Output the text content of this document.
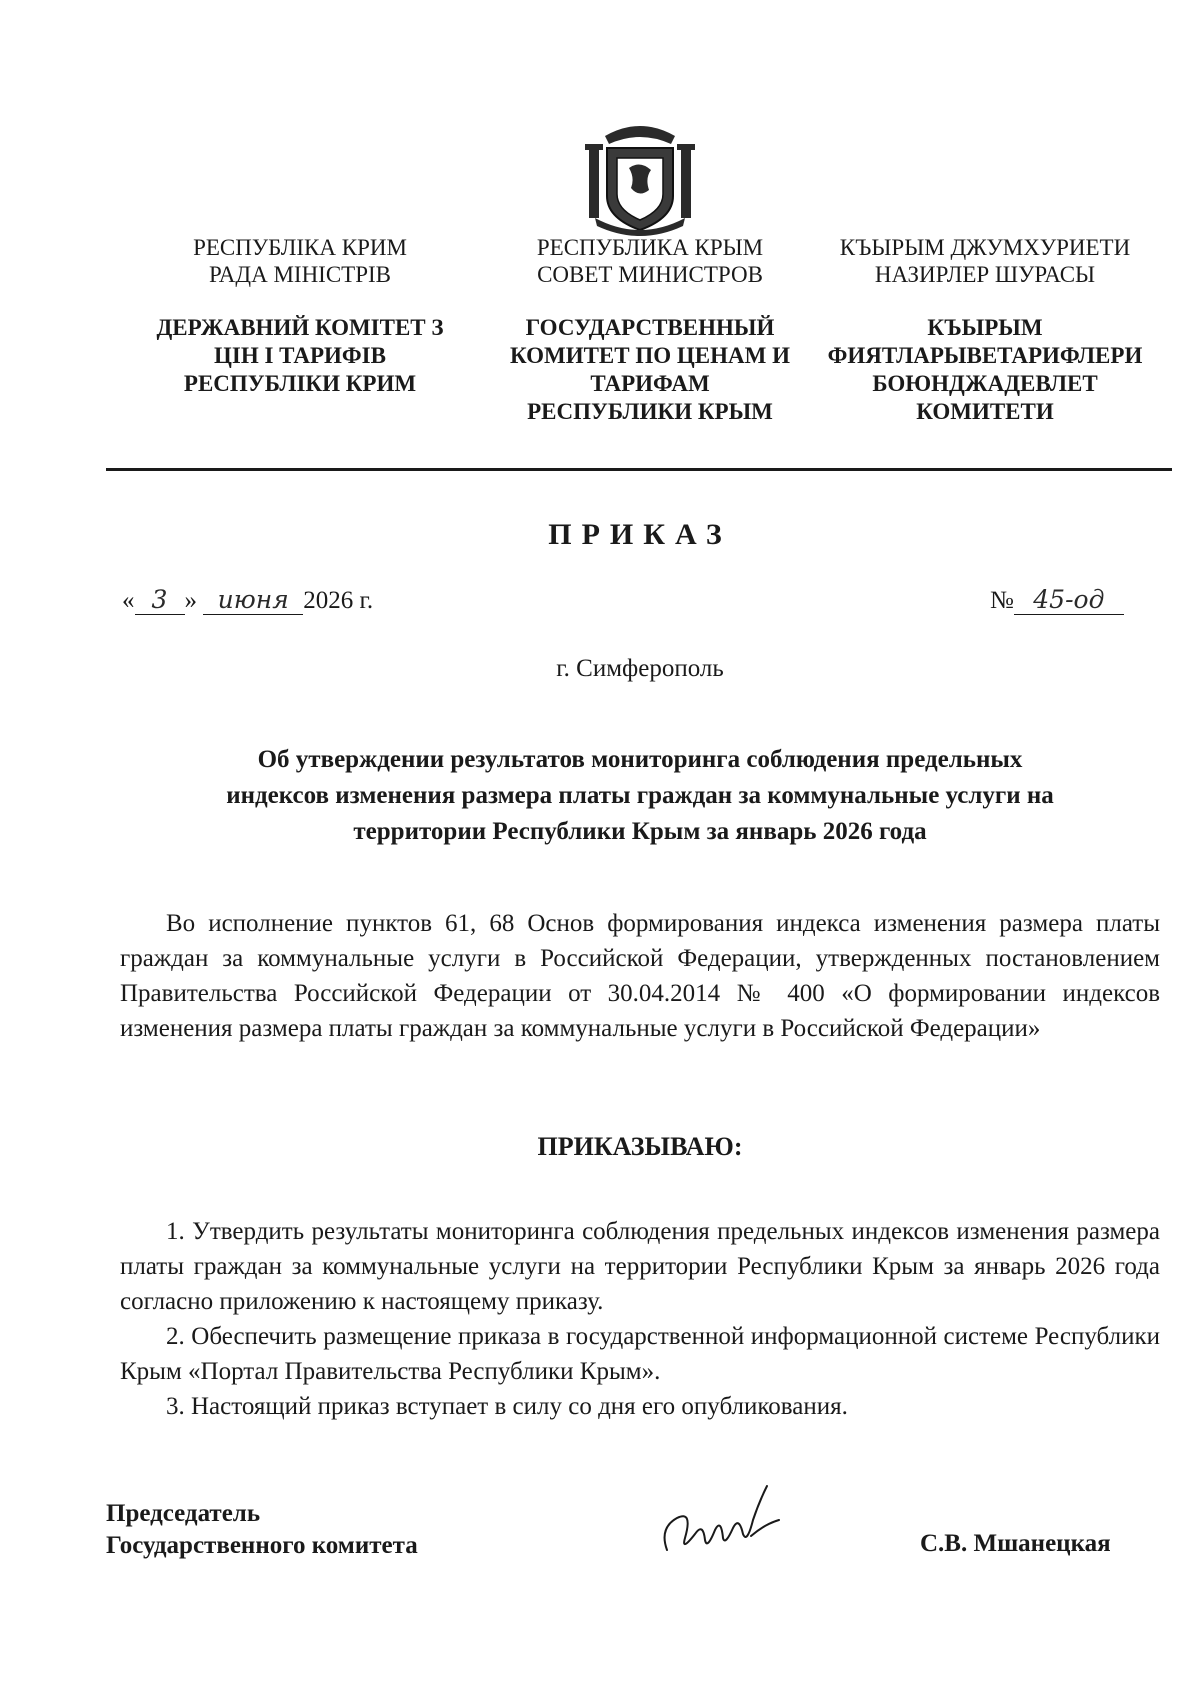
РЕСПУБЛІКА КРИМ
РАДА МІНІСТРІВ
ДЕРЖАВНИЙ КОМІТЕТ З
ЦІН І ТАРИФІВ
РЕСПУБЛІКИ КРИМ
РЕСПУБЛИКА КРЫМ
СОВЕТ МИНИСТРОВ
ГОСУДАРСТВЕННЫЙ
КОМИТЕТ ПО ЦЕНАМ И
ТАРИФАМ
РЕСПУБЛИКИ КРЫМ
КЪЫРЫМ ДЖУМХУРИЕТИ
НАЗИРЛЕР ШУРАСЫ
КЪЫРЫМ
ФИЯТЛАРЫВЕТАРИФЛЕРИ
БОЮНДЖАДЕВЛЕТ
КОМИТЕТИ
ПРИКАЗ
« 3 » июня 2026 г.	№ 45-од
г. Симферополь
Об утверждении результатов мониторинга соблюдения предельных
индексов изменения размера платы граждан за коммунальные услуги на
территории Республики Крым за январь 2026 года

Во исполнение пунктов 61, 68 Основ формирования индекса изменения размера платы граждан за коммунальные услуги в Российской Федерации, утвержденных постановлением Правительства Российской Федерации от 30.04.2014 № 400 «О формировании индексов изменения размера платы граждан за коммунальные услуги в Российской Федерации»

ПРИКАЗЫВАЮ:

1. Утвердить результаты мониторинга соблюдения предельных индексов изменения размера платы граждан за коммунальные услуги на территории Республики Крым за январь 2026 года согласно приложению к настоящему приказу.

2. Обеспечить размещение приказа в государственной информационной системе Республики Крым «Портал Правительства Республики Крым».

3. Настоящий приказ вступает в силу со дня его опубликования.

Председатель
Государственного комитета	С.В. Мшанецкая
